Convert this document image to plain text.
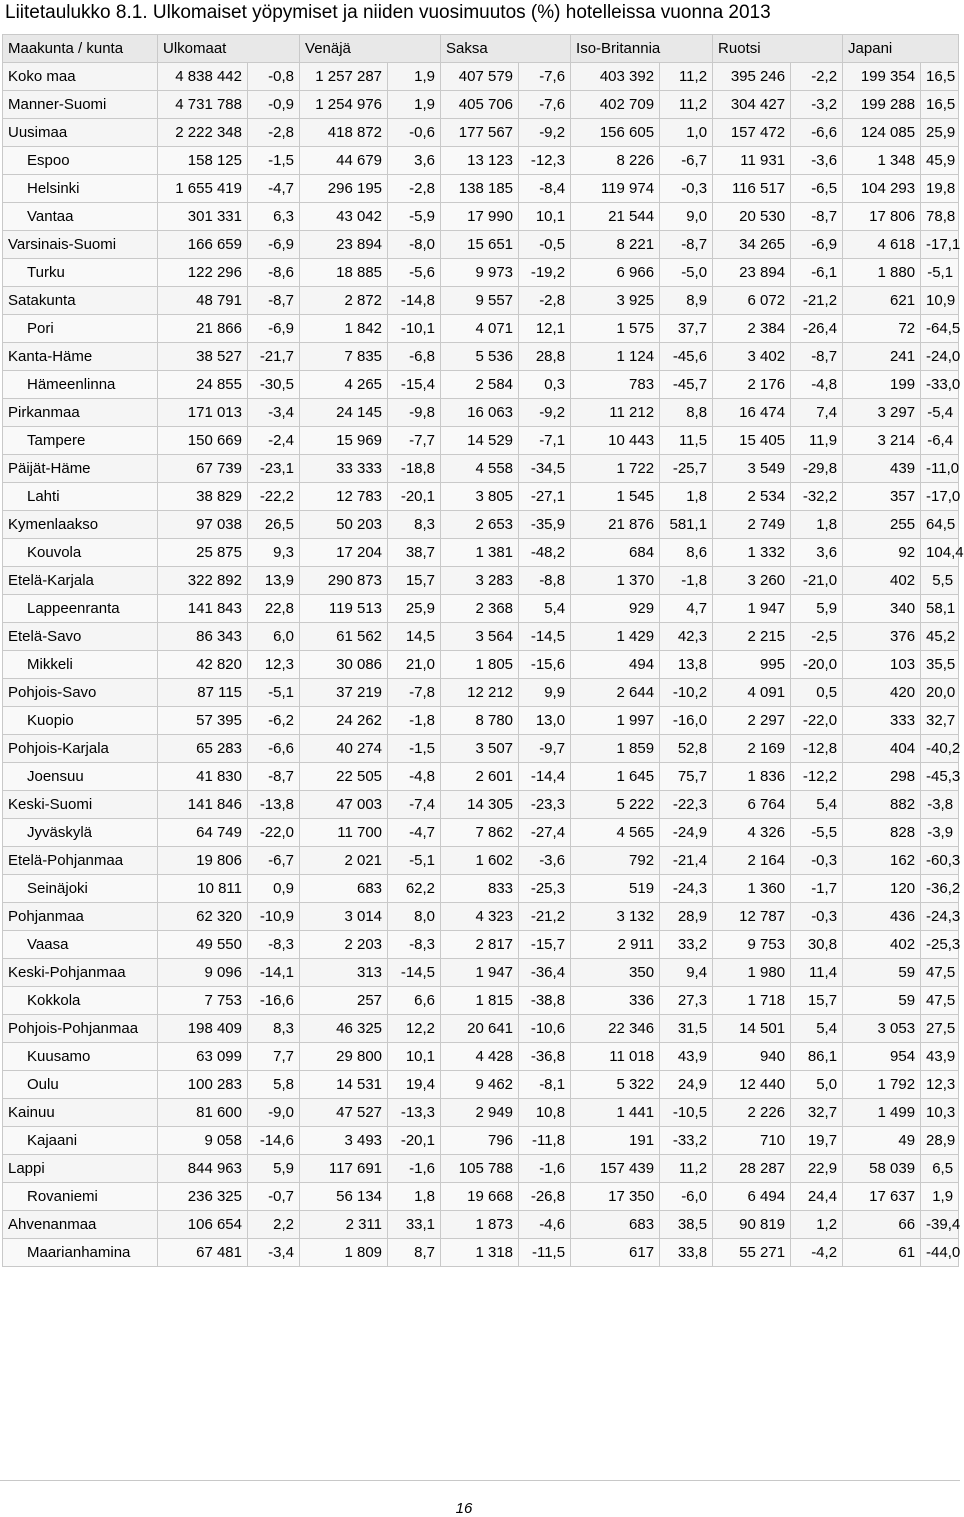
Liitetaulukko 8.1. Ulkomaiset yöpymiset ja niiden vuosimuutos (%) hotelleissa vuonna 2013
Maakunta / kunta	Ulkomaat		Venäjä		Saksa		Iso-Britannia		Ruotsi		Japani	
Koko maa	4 838 442	-0,8	1 257 287	1,9	407 579	-7,6	403 392	11,2	395 246	-2,2	199 354	16,5
Manner-Suomi	4 731 788	-0,9	1 254 976	1,9	405 706	-7,6	402 709	11,2	304 427	-3,2	199 288	16,5
Uusimaa	2 222 348	-2,8	418 872	-0,6	177 567	-9,2	156 605	1,0	157 472	-6,6	124 085	25,9
Espoo	158 125	-1,5	44 679	3,6	13 123	-12,3	8 226	-6,7	11 931	-3,6	1 348	45,9
Helsinki	1 655 419	-4,7	296 195	-2,8	138 185	-8,4	119 974	-0,3	116 517	-6,5	104 293	19,8
Vantaa	301 331	6,3	43 042	-5,9	17 990	10,1	21 544	9,0	20 530	-8,7	17 806	78,8
Varsinais-Suomi	166 659	-6,9	23 894	-8,0	15 651	-0,5	8 221	-8,7	34 265	-6,9	4 618	-17,1
Turku	122 296	-8,6	18 885	-5,6	9 973	-19,2	6 966	-5,0	23 894	-6,1	1 880	-5,1
Satakunta	48 791	-8,7	2 872	-14,8	9 557	-2,8	3 925	8,9	6 072	-21,2	621	10,9
Pori	21 866	-6,9	1 842	-10,1	4 071	12,1	1 575	37,7	2 384	-26,4	72	-64,5
Kanta-Häme	38 527	-21,7	7 835	-6,8	5 536	28,8	1 124	-45,6	3 402	-8,7	241	-24,0
Hämeenlinna	24 855	-30,5	4 265	-15,4	2 584	0,3	783	-45,7	2 176	-4,8	199	-33,0
Pirkanmaa	171 013	-3,4	24 145	-9,8	16 063	-9,2	11 212	8,8	16 474	7,4	3 297	-5,4
Tampere	150 669	-2,4	15 969	-7,7	14 529	-7,1	10 443	11,5	15 405	11,9	3 214	-6,4
Päijät-Häme	67 739	-23,1	33 333	-18,8	4 558	-34,5	1 722	-25,7	3 549	-29,8	439	-11,0
Lahti	38 829	-22,2	12 783	-20,1	3 805	-27,1	1 545	1,8	2 534	-32,2	357	-17,0
Kymenlaakso	97 038	26,5	50 203	8,3	2 653	-35,9	21 876	581,1	2 749	1,8	255	64,5
Kouvola	25 875	9,3	17 204	38,7	1 381	-48,2	684	8,6	1 332	3,6	92	104,4
Etelä-Karjala	322 892	13,9	290 873	15,7	3 283	-8,8	1 370	-1,8	3 260	-21,0	402	5,5
Lappeenranta	141 843	22,8	119 513	25,9	2 368	5,4	929	4,7	1 947	5,9	340	58,1
Etelä-Savo	86 343	6,0	61 562	14,5	3 564	-14,5	1 429	42,3	2 215	-2,5	376	45,2
Mikkeli	42 820	12,3	30 086	21,0	1 805	-15,6	494	13,8	995	-20,0	103	35,5
Pohjois-Savo	87 115	-5,1	37 219	-7,8	12 212	9,9	2 644	-10,2	4 091	0,5	420	20,0
Kuopio	57 395	-6,2	24 262	-1,8	8 780	13,0	1 997	-16,0	2 297	-22,0	333	32,7
Pohjois-Karjala	65 283	-6,6	40 274	-1,5	3 507	-9,7	1 859	52,8	2 169	-12,8	404	-40,2
Joensuu	41 830	-8,7	22 505	-4,8	2 601	-14,4	1 645	75,7	1 836	-12,2	298	-45,3
Keski-Suomi	141 846	-13,8	47 003	-7,4	14 305	-23,3	5 222	-22,3	6 764	5,4	882	-3,8
Jyväskylä	64 749	-22,0	11 700	-4,7	7 862	-27,4	4 565	-24,9	4 326	-5,5	828	-3,9
Etelä-Pohjanmaa	19 806	-6,7	2 021	-5,1	1 602	-3,6	792	-21,4	2 164	-0,3	162	-60,3
Seinäjoki	10 811	0,9	683	62,2	833	-25,3	519	-24,3	1 360	-1,7	120	-36,2
Pohjanmaa	62 320	-10,9	3 014	8,0	4 323	-21,2	3 132	28,9	12 787	-0,3	436	-24,3
Vaasa	49 550	-8,3	2 203	-8,3	2 817	-15,7	2 911	33,2	9 753	30,8	402	-25,3
Keski-Pohjanmaa	9 096	-14,1	313	-14,5	1 947	-36,4	350	9,4	1 980	11,4	59	47,5
Kokkola	7 753	-16,6	257	6,6	1 815	-38,8	336	27,3	1 718	15,7	59	47,5
Pohjois-Pohjanmaa	198 409	8,3	46 325	12,2	20 641	-10,6	22 346	31,5	14 501	5,4	3 053	27,5
Kuusamo	63 099	7,7	29 800	10,1	4 428	-36,8	11 018	43,9	940	86,1	954	43,9
Oulu	100 283	5,8	14 531	19,4	9 462	-8,1	5 322	24,9	12 440	5,0	1 792	12,3
Kainuu	81 600	-9,0	47 527	-13,3	2 949	10,8	1 441	-10,5	2 226	32,7	1 499	10,3
Kajaani	9 058	-14,6	3 493	-20,1	796	-11,8	191	-33,2	710	19,7	49	28,9
Lappi	844 963	5,9	117 691	-1,6	105 788	-1,6	157 439	11,2	28 287	22,9	58 039	6,5
Rovaniemi	236 325	-0,7	56 134	1,8	19 668	-26,8	17 350	-6,0	6 494	24,4	17 637	1,9
Ahvenanmaa	106 654	2,2	2 311	33,1	1 873	-4,6	683	38,5	90 819	1,2	66	-39,4
Maarianhamina	67 481	-3,4	1 809	8,7	1 318	-11,5	617	33,8	55 271	-4,2	61	-44,0
16
